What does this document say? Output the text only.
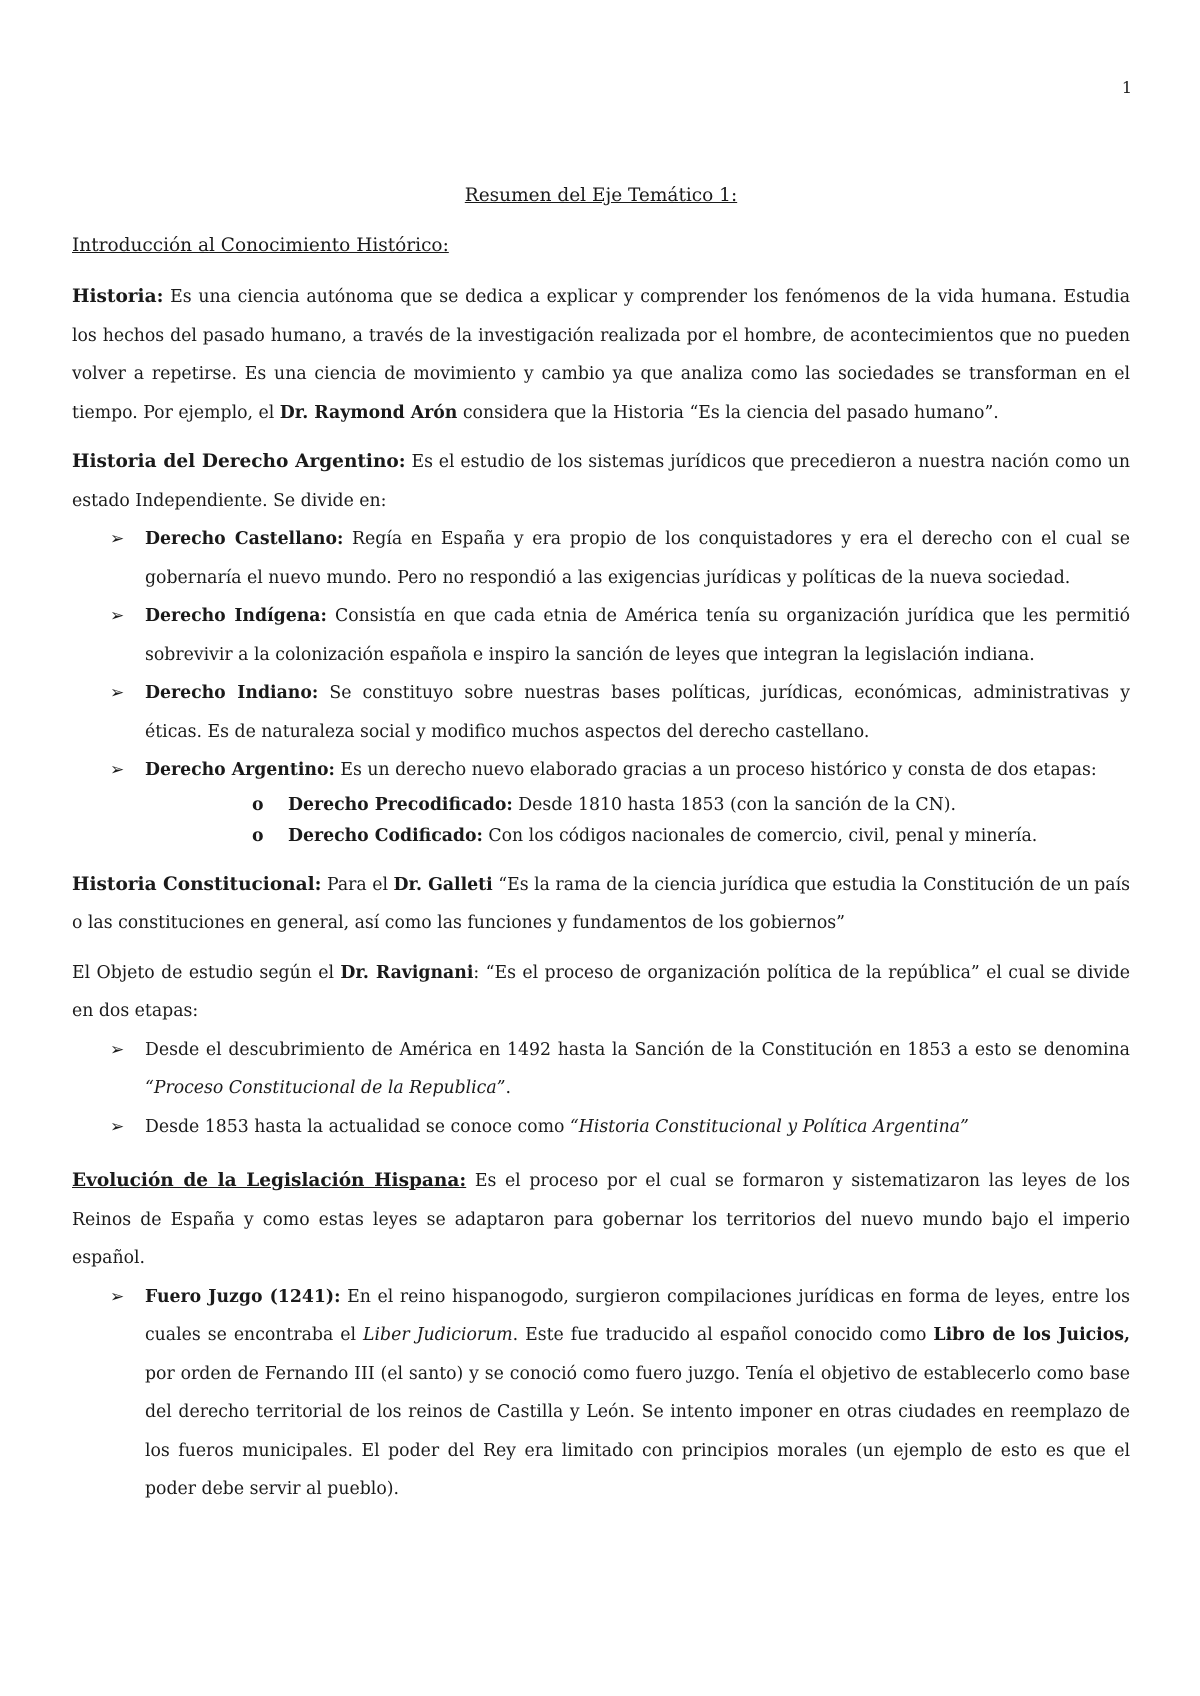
1

Resumen del Eje Temático 1:

Introducción al Conocimiento Histórico:

Historia: Es una ciencia autónoma que se dedica a explicar y comprender los fenómenos de la vida humana. Estudia los hechos del pasado humano, a través de la investigación realizada por el hombre, de acontecimientos que no pueden volver a repetirse. Es una ciencia de movimiento y cambio ya que analiza como las sociedades se transforman en el tiempo. Por ejemplo, el Dr. Raymond Arón considera que la Historia “Es la ciencia del pasado humano”.

Historia del Derecho Argentino: Es el estudio de los sistemas jurídicos que precedieron a nuestra nación como un estado Independiente. Se divide en:

➢ Derecho Castellano: Regía en España y era propio de los conquistadores y era el derecho con el cual se gobernaría el nuevo mundo. Pero no respondió a las exigencias jurídicas y políticas de la nueva sociedad.
➢ Derecho Indígena: Consistía en que cada etnia de América tenía su organización jurídica que les permitió sobrevivir a la colonización española e inspiro la sanción de leyes que integran la legislación indiana.
➢ Derecho Indiano: Se constituyo sobre nuestras bases políticas, jurídicas, económicas, administrativas y éticas. Es de naturaleza social y modifico muchos aspectos del derecho castellano.
➢ Derecho Argentino: Es un derecho nuevo elaborado gracias a un proceso histórico y consta de dos etapas:
o Derecho Precodificado: Desde 1810 hasta 1853 (con la sanción de la CN).
o Derecho Codificado: Con los códigos nacionales de comercio, civil, penal y minería.

Historia Constitucional: Para el Dr. Galleti “Es la rama de la ciencia jurídica que estudia la Constitución de un país o las constituciones en general, así como las funciones y fundamentos de los gobiernos”

El Objeto de estudio según el Dr. Ravignani: “Es el proceso de organización política de la república” el cual se divide en dos etapas:

➢ Desde el descubrimiento de América en 1492 hasta la Sanción de la Constitución en 1853 a esto se denomina “Proceso Constitucional de la Republica”.
➢ Desde 1853 hasta la actualidad se conoce como “Historia Constitucional y Política Argentina”

Evolución de la Legislación Hispana: Es el proceso por el cual se formaron y sistematizaron las leyes de los Reinos de España y como estas leyes se adaptaron para gobernar los territorios del nuevo mundo bajo el imperio español.

➢ Fuero Juzgo (1241): En el reino hispanogodo, surgieron compilaciones jurídicas en forma de leyes, entre los cuales se encontraba el Liber Judiciorum. Este fue traducido al español conocido como Libro de los Juicios, por orden de Fernando III (el santo) y se conoció como fuero juzgo. Tenía el objetivo de establecerlo como base del derecho territorial de los reinos de Castilla y León. Se intento imponer en otras ciudades en reemplazo de los fueros municipales. El poder del Rey era limitado con principios morales (un ejemplo de esto es que el poder debe servir al pueblo).
